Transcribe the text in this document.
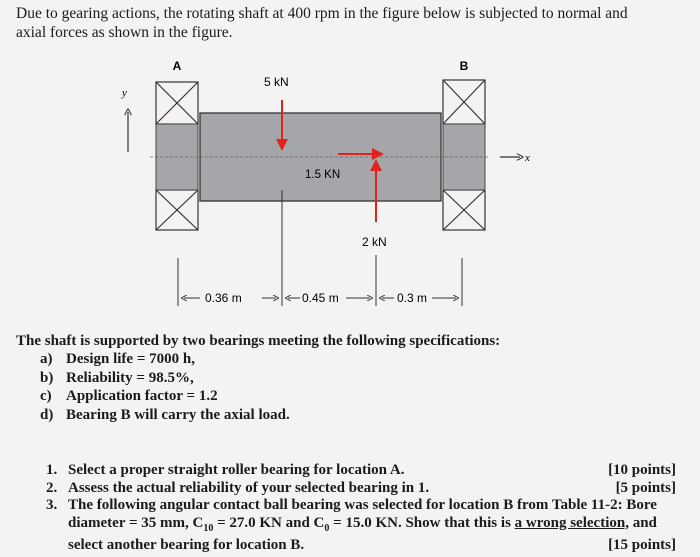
Due to gearing actions, the rotating shaft at 400 rpm in the figure below is subjected to normal and
axial forces as shown in the figure.
A	B
y
x
5 kN
1.5 KN
2 kN
0.36 m	0.45 m	0.3 m
The shaft is supported by two bearings meeting the following specifications:
a) Design life = 7000 h,
b) Reliability = 98.5%,
c) Application factor = 1.2
d) Bearing B will carry the axial load.
1. Select a proper straight roller bearing for location A.	[10 points]
2. Assess the actual reliability of your selected bearing in 1.	[5 points]
3. The following angular contact ball bearing was selected for location B from Table 11-2: Bore diameter = 35 mm, $C_{10} = 27.0$ KN and $C_0 = 15.0$ KN. Show that this is a wrong selection, and select another bearing for location B.	[15 points]
